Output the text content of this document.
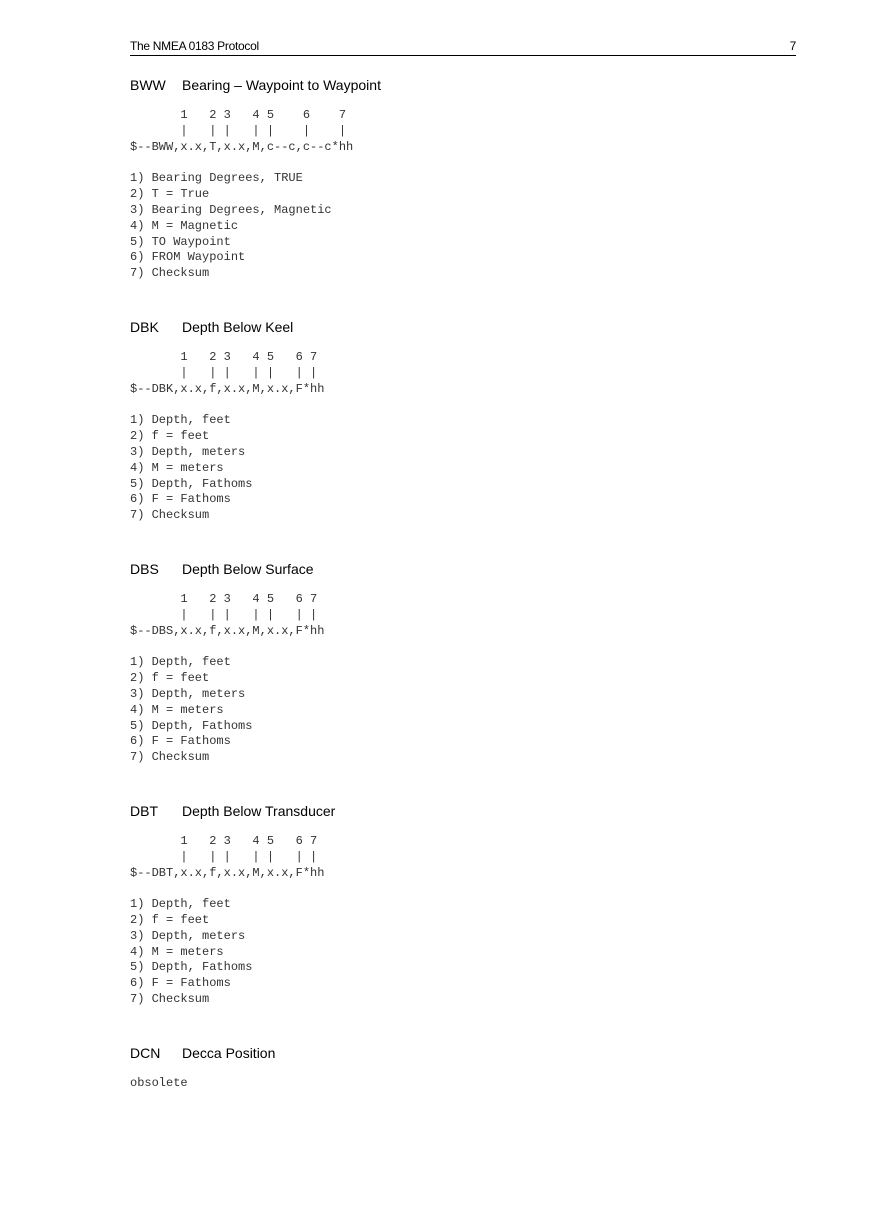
The NMEA 0183 Protocol	7
BWW Bearing – Waypoint to Waypoint
1   2 3   4 5    6    7
|   | |   | |    |    |
$--BWW,x.x,T,x.x,M,c--c,c--c*hh
1) Bearing Degrees, TRUE
2) T = True
3) Bearing Degrees, Magnetic
4) M = Magnetic
5) TO Waypoint
6) FROM Waypoint
7) Checksum
DBK Depth Below Keel
1   2 3   4 5   6 7
|   | |   | |   | |
$--DBK,x.x,f,x.x,M,x.x,F*hh
1) Depth, feet
2) f = feet
3) Depth, meters
4) M = meters
5) Depth, Fathoms
6) F = Fathoms
7) Checksum
DBS Depth Below Surface
1   2 3   4 5   6 7
|   | |   | |   | |
$--DBS,x.x,f,x.x,M,x.x,F*hh
1) Depth, feet
2) f = feet
3) Depth, meters
4) M = meters
5) Depth, Fathoms
6) F = Fathoms
7) Checksum
DBT Depth Below Transducer
1   2 3   4 5   6 7
|   | |   | |   | |
$--DBT,x.x,f,x.x,M,x.x,F*hh
1) Depth, feet
2) f = feet
3) Depth, meters
4) M = meters
5) Depth, Fathoms
6) F = Fathoms
7) Checksum
DCN Decca Position
obsolete
